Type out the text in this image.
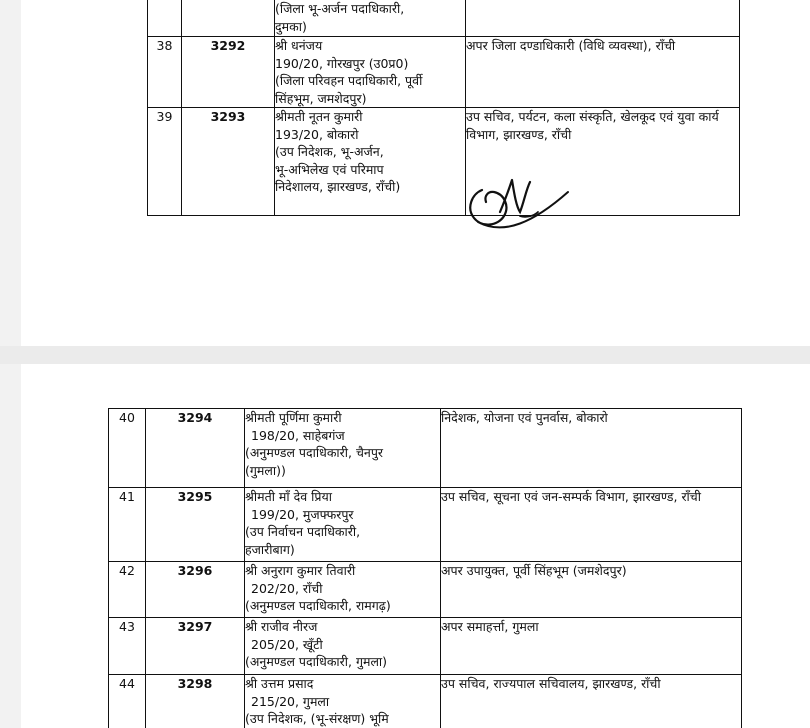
		(जिला भू-अर्जन पदाधिकारी,
दुमका)	

38	3292	श्री धनंजय
190/20, गोरखपुर (उ0प्र0)
(जिला परिवहन पदाधिकारी, पूर्वी
सिंहभूम, जमशेदपुर)	अपर जिला दण्डाधिकारी (विधि व्यवस्था), राँची
39	3293	श्रीमती नूतन कुमारी
193/20, बोकारो
(उप निदेशक, भू-अर्जन,
भू-अभिलेख एवं परिमाप
निदेशालय, झारखण्ड, राँची)	उप सचिव, पर्यटन, कला संस्कृति, खेलकूद एवं युवा कार्य विभाग, झारखण्ड, राँची
40	3294	श्रीमती पूर्णिमा कुमारी
198/20, साहेबगंज
(अनुमण्डल पदाधिकारी, चैनपुर
(गुमला))	निदेशक, योजना एवं पुनर्वास, बोकारो
41	3295	श्रीमती माँ देव प्रिया
199/20, मुजफ्फरपुर
(उप निर्वाचन पदाधिकारी,
हजारीबाग)	उप सचिव, सूचना एवं जन-सम्पर्क विभाग, झारखण्ड, राँची
42	3296	श्री अनुराग कुमार तिवारी
202/20, राँची
(अनुमण्डल पदाधिकारी, रामगढ़)	अपर उपायुक्त, पूर्वी सिंहभूम (जमशेदपुर)
43	3297	श्री राजीव नीरज
205/20, खूँटी
(अनुमण्डल पदाधिकारी, गुमला)	अपर समाहर्त्ता, गुमला
44	3298	श्री उत्तम प्रसाद
215/20, गुमला
(उप निदेशक, (भू-संरक्षण) भूमि	उप सचिव, राज्यपाल सचिवालय, झारखण्ड, राँची
